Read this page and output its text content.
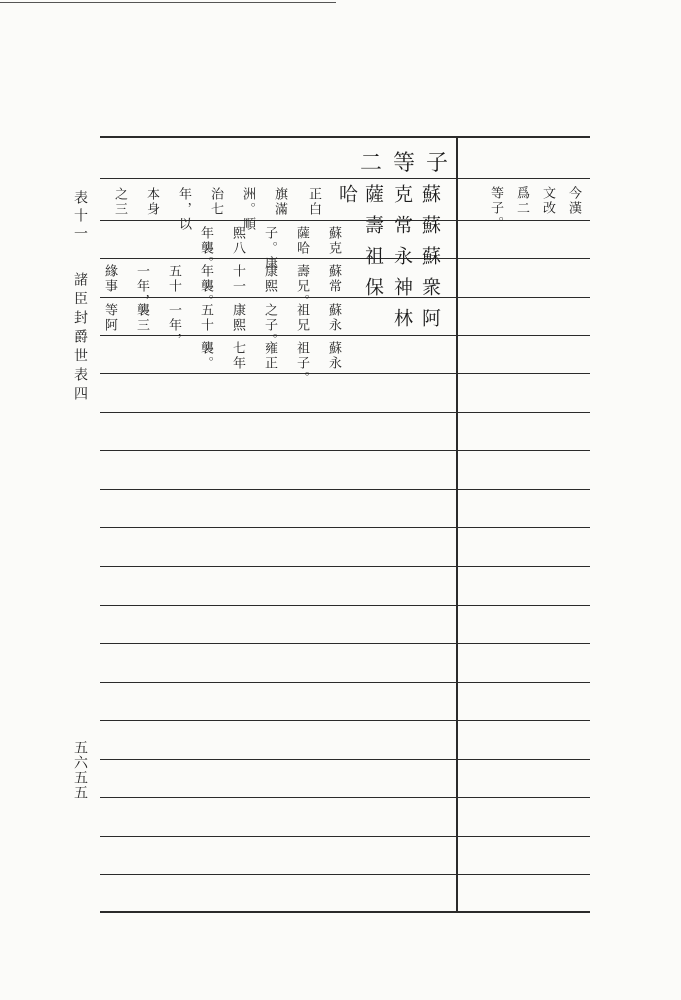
表十一
諸臣封爵世表四
五六五五
二等子
蘇蘇蘇衆阿
克常永神林
薩壽祖保
哈
正白
旗滿
洲。順
治七
年，以
本身
之三
蘇克
薩哈
子。康
熙八
年襲。
蘇常
壽兄。
康熙
十一
年襲。
五十
一年，
緣事
蘇永
祖兄
之子。
康熙
五十
一年，
襲三
等阿
蘇永
祖子。
雍正
七年
襲。
今漢
文改
爲二
等子。
